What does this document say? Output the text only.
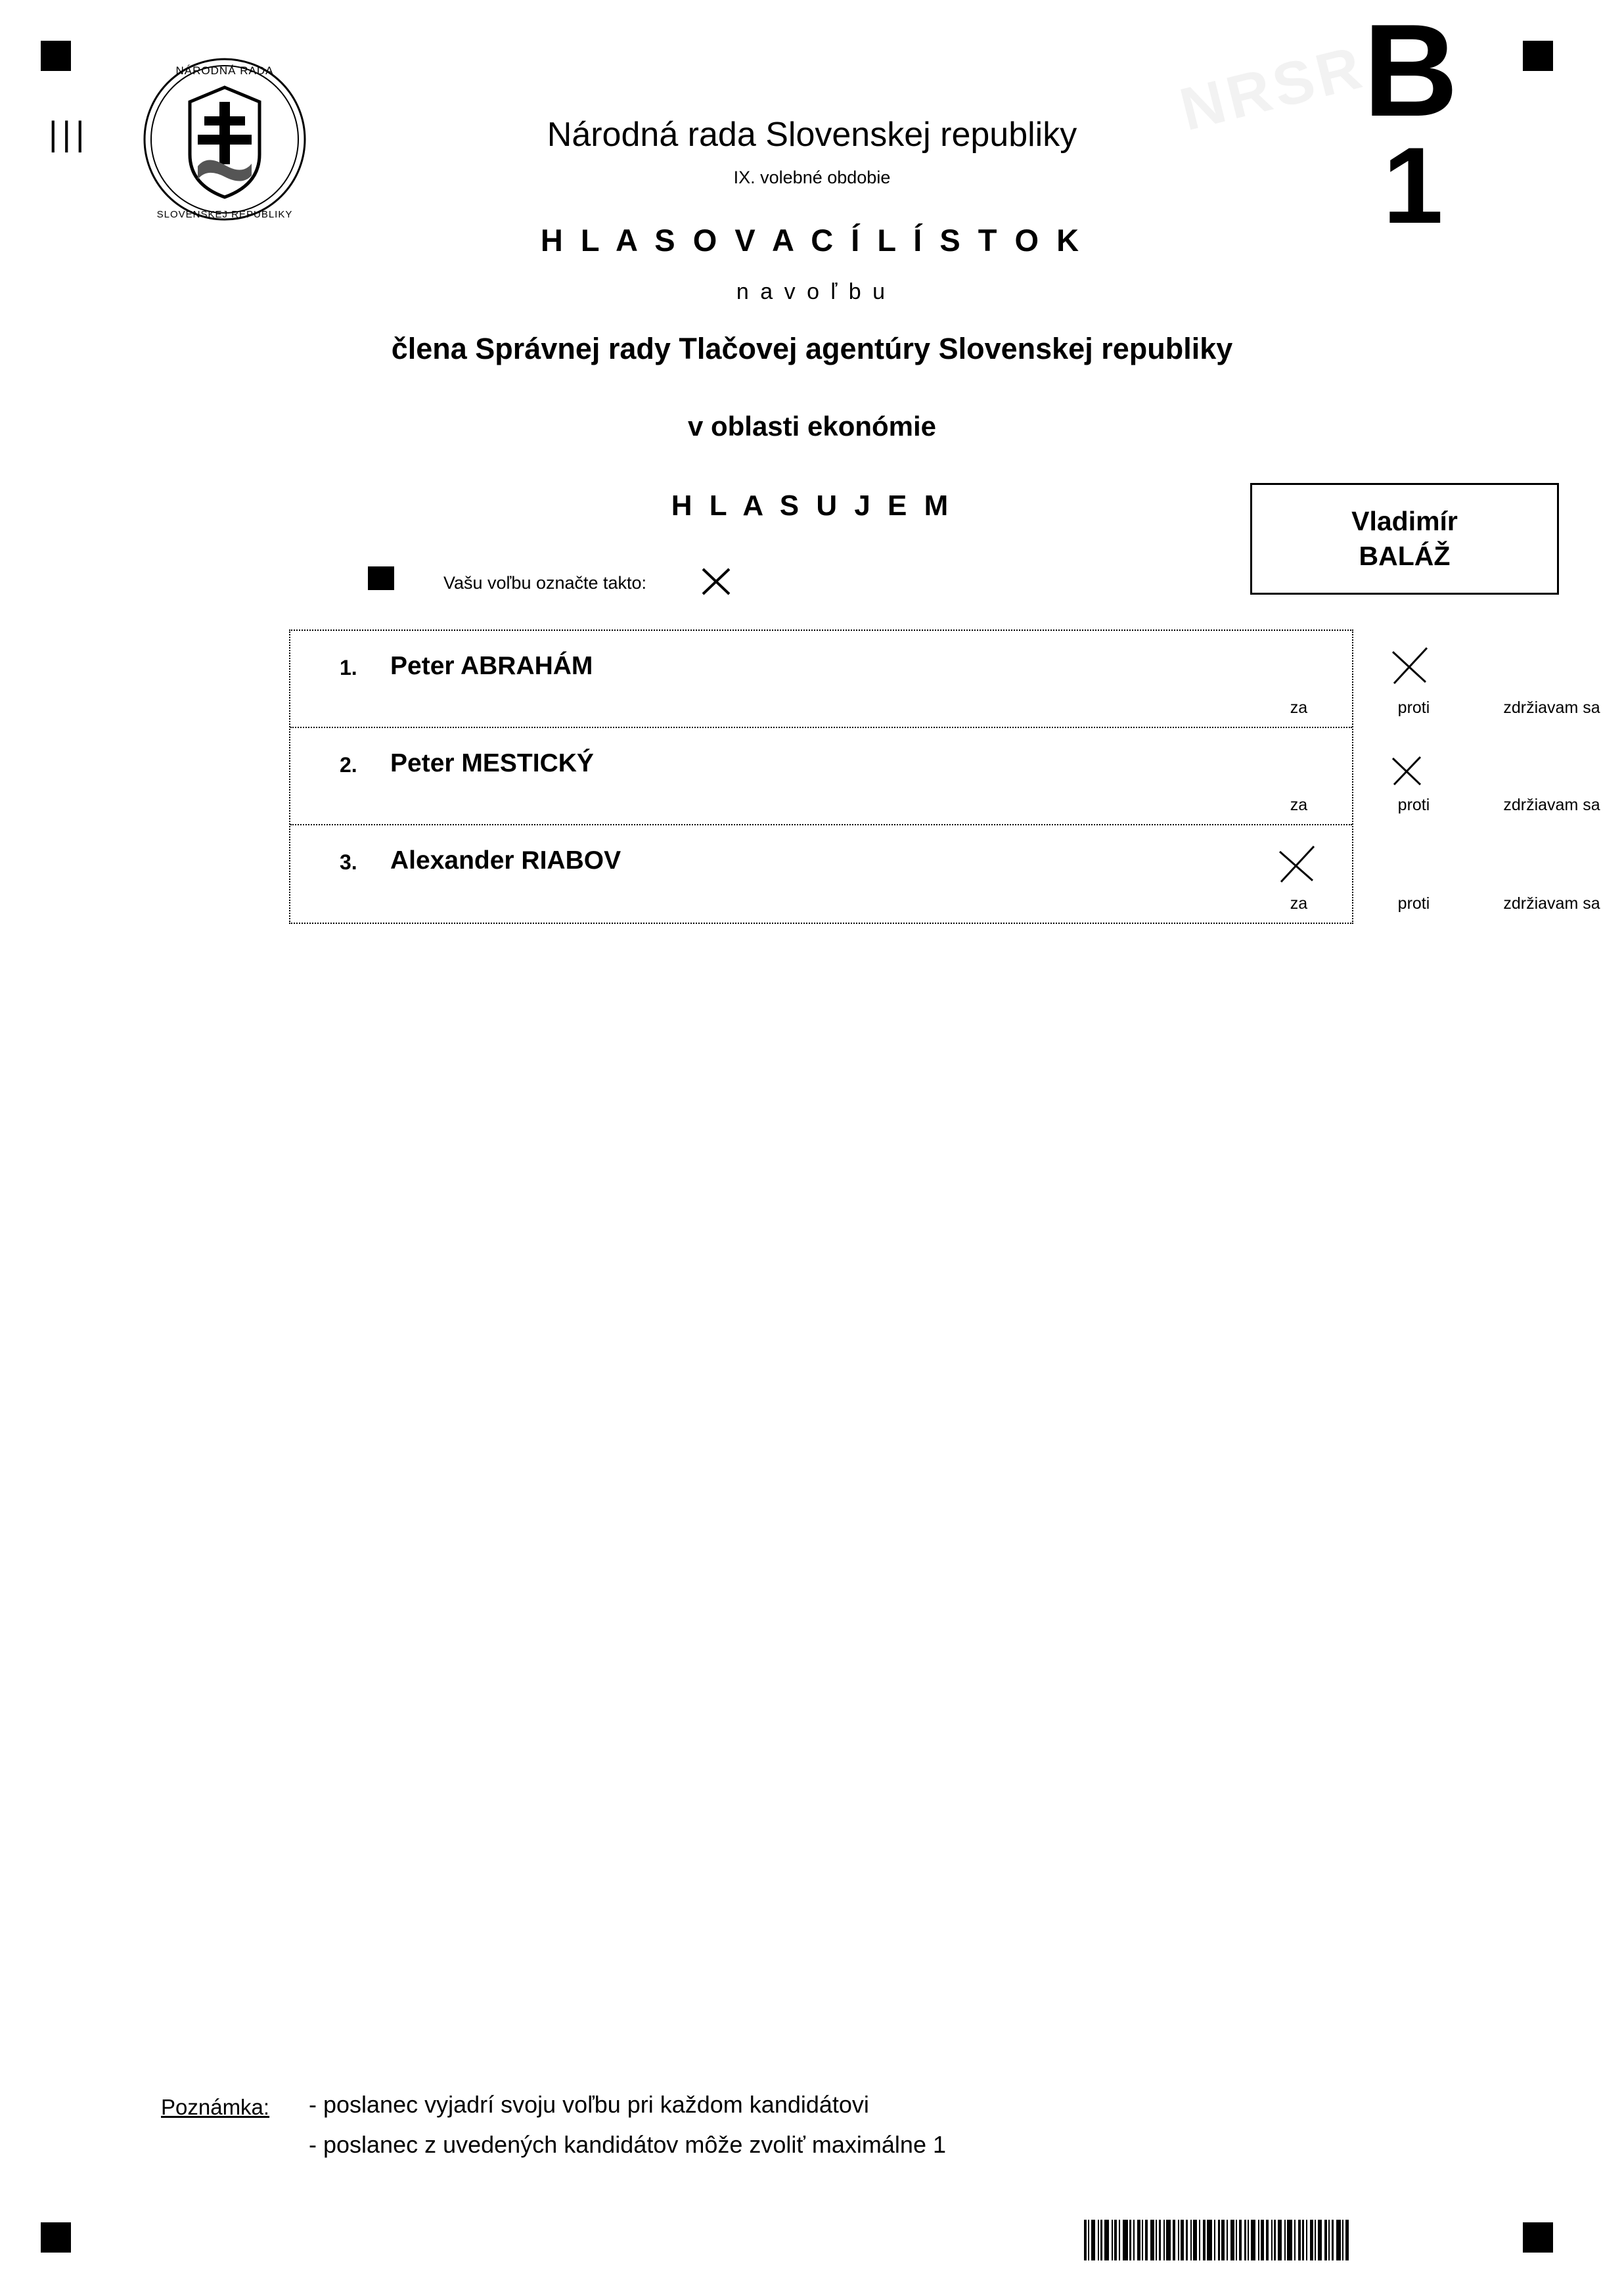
|||
NÁRODNÁ RADA
SLOVENSKEJ REPUBLIKY
NRSR
B
1
Národná rada Slovenskej republiky
IX. volebné obdobie
H L A S O V A C Í L Í S T O K
n a v o ľ b u
člena Správnej rady Tlačovej agentúry Slovenskej republiky
v oblasti ekonómie
H L A S U J E M
Vašu voľbu označte takto:
Vladimír
BALÁŽ
1. Peter ABRAHÁM
za	proti	zdržiavam sa
2. Peter MESTICKÝ
za	proti	zdržiavam sa
3. Alexander RIABOV
za	proti	zdržiavam sa
Poznámka: - poslanec vyjadrí svoju voľbu pri každom kandidátovi
- poslanec z uvedených kandidátov môže zvoliť maximálne 1
